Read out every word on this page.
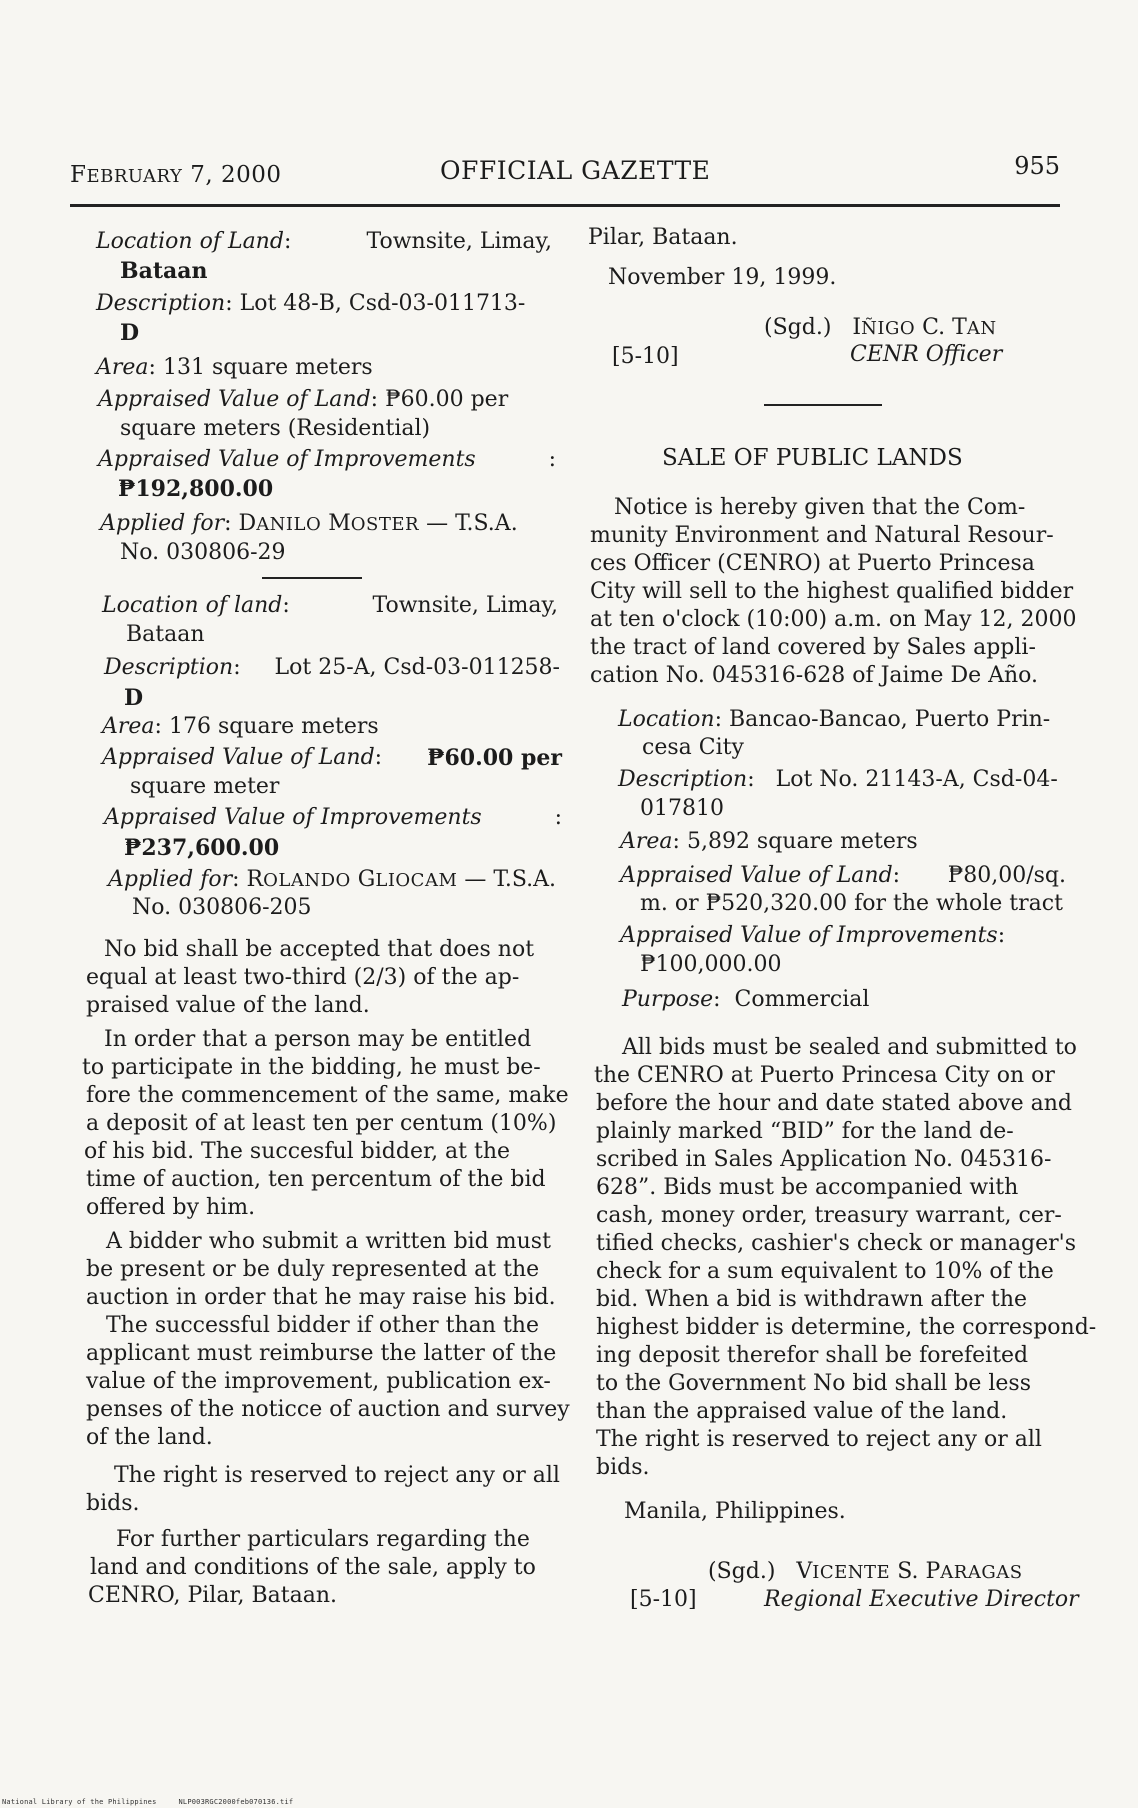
FEBRUARY 7, 2000	OFFICIAL GAZETTE	955
Location of Land:	Townsite, Limay,
Bataan
Description: Lot 48-B, Csd-03-011713-
D
Area: 131 square meters
Appraised Value of Land: ₱60.00 per
square meters (Residential)
Appraised Value of Improvements	:
₱192,800.00
Applied for: DANILO MOSTER — T.S.A.
No. 030806-29
Location of land:	Townsite, Limay,
Bataan
Description: Lot 25-A, Csd-03-011258-
D
Area: 176 square meters
Appraised Value of Land: ₱60.00 per
square meter
Appraised Value of Improvements	:
₱237,600.00
Applied for: ROLANDO GLIOCAM — T.S.A.
No. 030806-205
No bid shall be accepted that does not
equal at least two-third (2/3) of the ap-
praised value of the land.
In order that a person may be entitled
to participate in the bidding, he must be-
fore the commencement of the same, make
a deposit of at least ten per centum (10%)
of his bid. The succesful bidder, at the
time of auction, ten percentum of the bid
offered by him.
A bidder who submit a written bid must
be present or be duly represented at the
auction in order that he may raise his bid.
The successful bidder if other than the
applicant must reimburse the latter of the
value of the improvement, publication ex-
penses of the noticce of auction and survey
of the land.
The right is reserved to reject any or all
bids.
For further particulars regarding the
land and conditions of the sale, apply to
CENRO, Pilar, Bataan.
Pilar, Bataan.
November 19, 1999.
(Sgd.) IÑIGO C. TAN
[5-10]	CENR Officer
SALE OF PUBLIC LANDS
Notice is hereby given that the Com-
munity Environment and Natural Resour-
ces Officer (CENRO) at Puerto Princesa
City will sell to the highest qualified bidder
at ten o'clock (10:00) a.m. on May 12, 2000
the tract of land covered by Sales appli-
cation No. 045316-628 of Jaime De Año.
Location: Bancao-Bancao, Puerto Prin-
cesa City
Description:   Lot No. 21143-A, Csd-04-
017810
Area: 5,892 square meters
Appraised Value of Land: ₱80,00/sq.
m. or ₱520,320.00 for the whole tract
Appraised Value of Improvements:
₱100,000.00
Purpose:  Commercial
All bids must be sealed and submitted to
the CENRO at Puerto Princesa City on or
before the hour and date stated above and
plainly marked “BID” for the land de-
scribed in Sales Application No. 045316-
628”. Bids must be accompanied with
cash, money order, treasury warrant, cer-
tified checks, cashier's check or manager's
check for a sum equivalent to 10% of the
bid. When a bid is withdrawn after the
highest bidder is determine, the correspond-
ing deposit therefor shall be forefeited
to the Government No bid shall be less
than the appraised value of the land.
The right is reserved to reject any or all
bids.
Manila, Philippines.
(Sgd.) VICENTE S. PARAGAS
[5-10]	Regional Executive Director
National Library of the Philippines	NLP003RGC2000feb070136.tif
